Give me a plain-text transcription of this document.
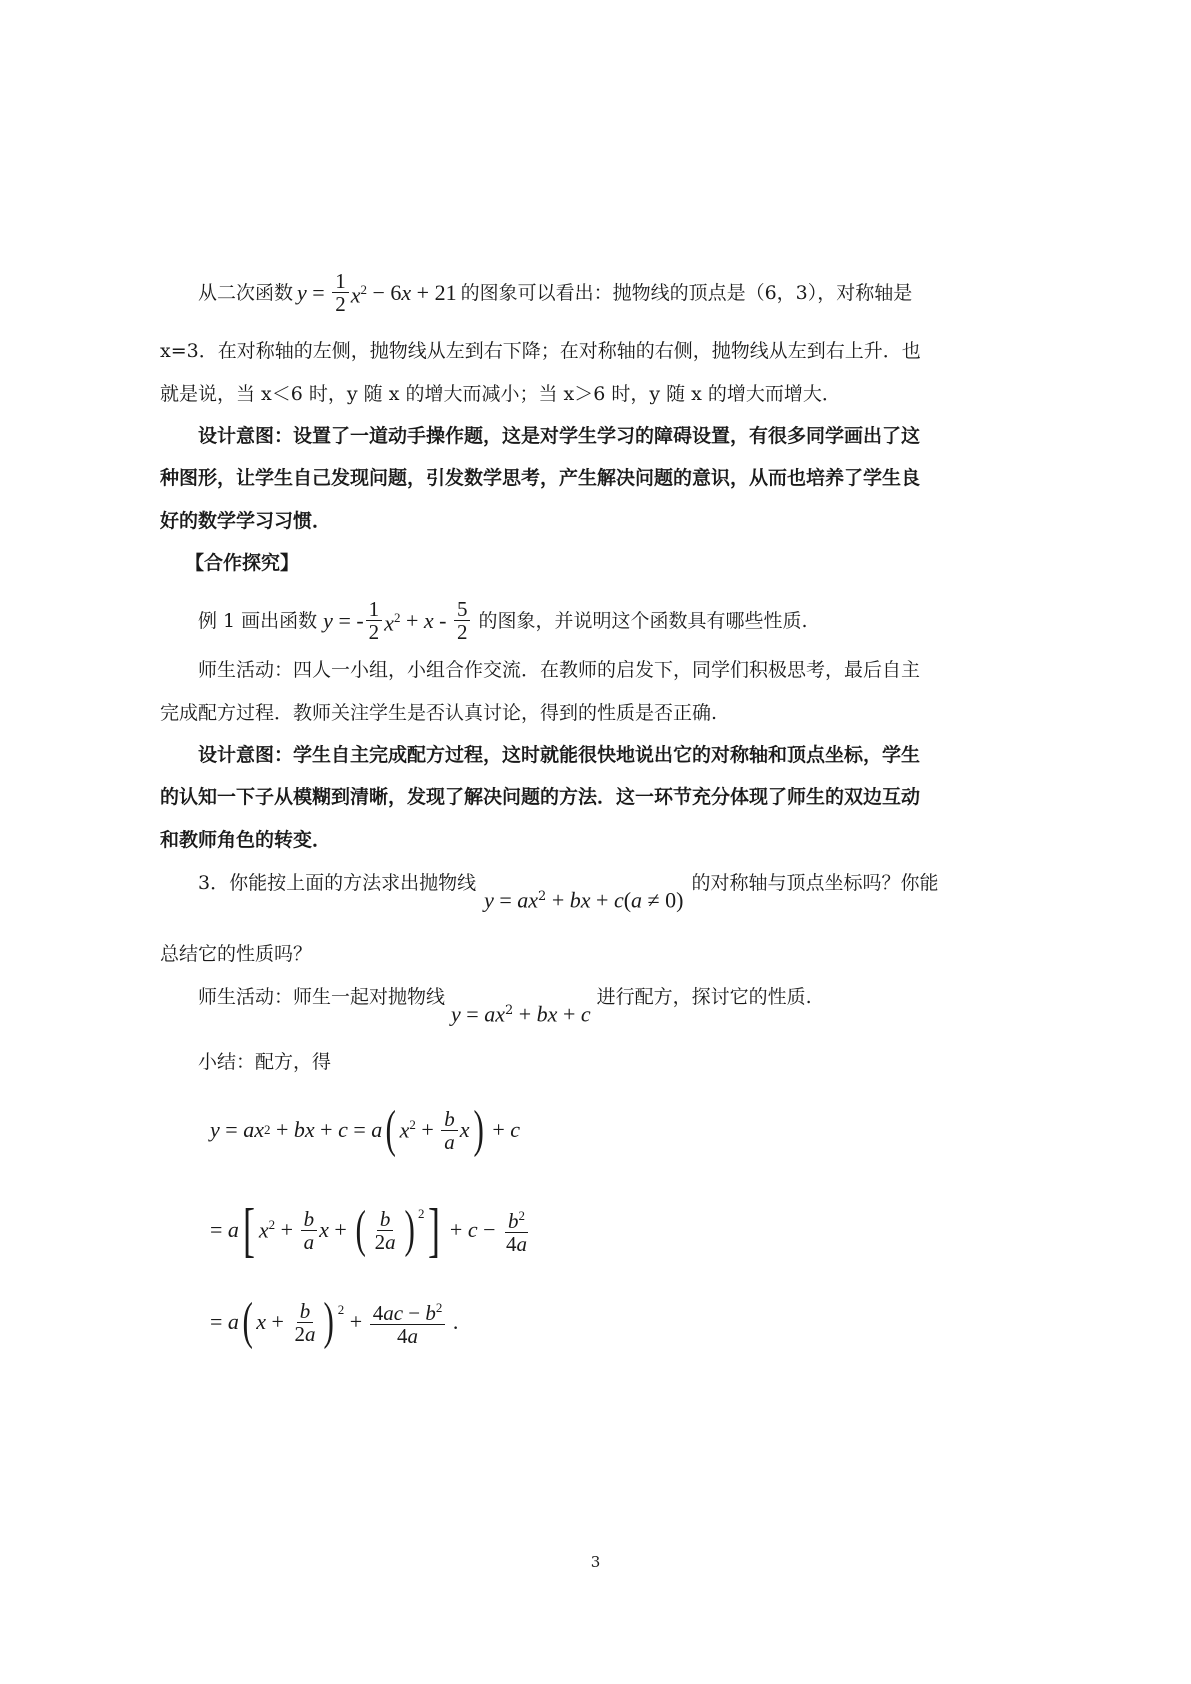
从二次函数 $y = \frac{1}{2} x^2 - 6$ x + 21 的图象可以看出：抛物线的顶点是（6，3），对称轴是
x=3．在对称轴的左侧，抛物线从左到右下降；在对称轴的右侧，抛物线从左到右上升．也
就是说，当 x＜6 时，y 随 x 的增大而减小；当 x＞6 时，y 随 x 的增大而增大．
设计意图：设置了一道动手操作题，这是对学生学习的障碍设置，有很多同学画出了这
种图形，让学生自己发现问题，引发数学思考，产生解决问题的意识，从而也培养了学生良
好的数学学习习惯．
【合作探究】
例 1 画出函数 y = - $\frac{1}{2} x^2 + x - \frac{5}{2}$ 的图象，并说明这个函数具有哪些性质.
师生活动：四人一小组，小组合作交流．在教师的启发下，同学们积极思考，最后自主
完成配方过程．教师关注学生是否认真讨论，得到的性质是否正确.
设计意图：学生自主完成配方过程，这时就能很快地说出它的对称轴和顶点坐标，学生
的认知一下子从模糊到清晰，发现了解决问题的方法．这一环节充分体现了师生的双边互动
和教师角色的转变．
3．你能按上面的方法求出抛物线
$y = ax^2$ + bx + c(a ≠ 0)
的对称轴与顶点坐标吗？你能
总结它的性质吗？
师生活动：师生一起对抛物线
$y = ax^2$ + bx + c
进行配方，探讨它的性质.
小结：配方，得
y = ax 2 + bx + c = a ( $x^2 + \frac{b}{a}$ x ) + c
= a [ $x^2 + \frac{b}{a}$ x + ( $\frac{b}{2a}$ ) 2 ] + $c - \frac{b^2}{4a}$
= a ( $x + \frac{b}{2a}$ ) $2 + \frac{4ac - b^2}{4a}$ .
3
